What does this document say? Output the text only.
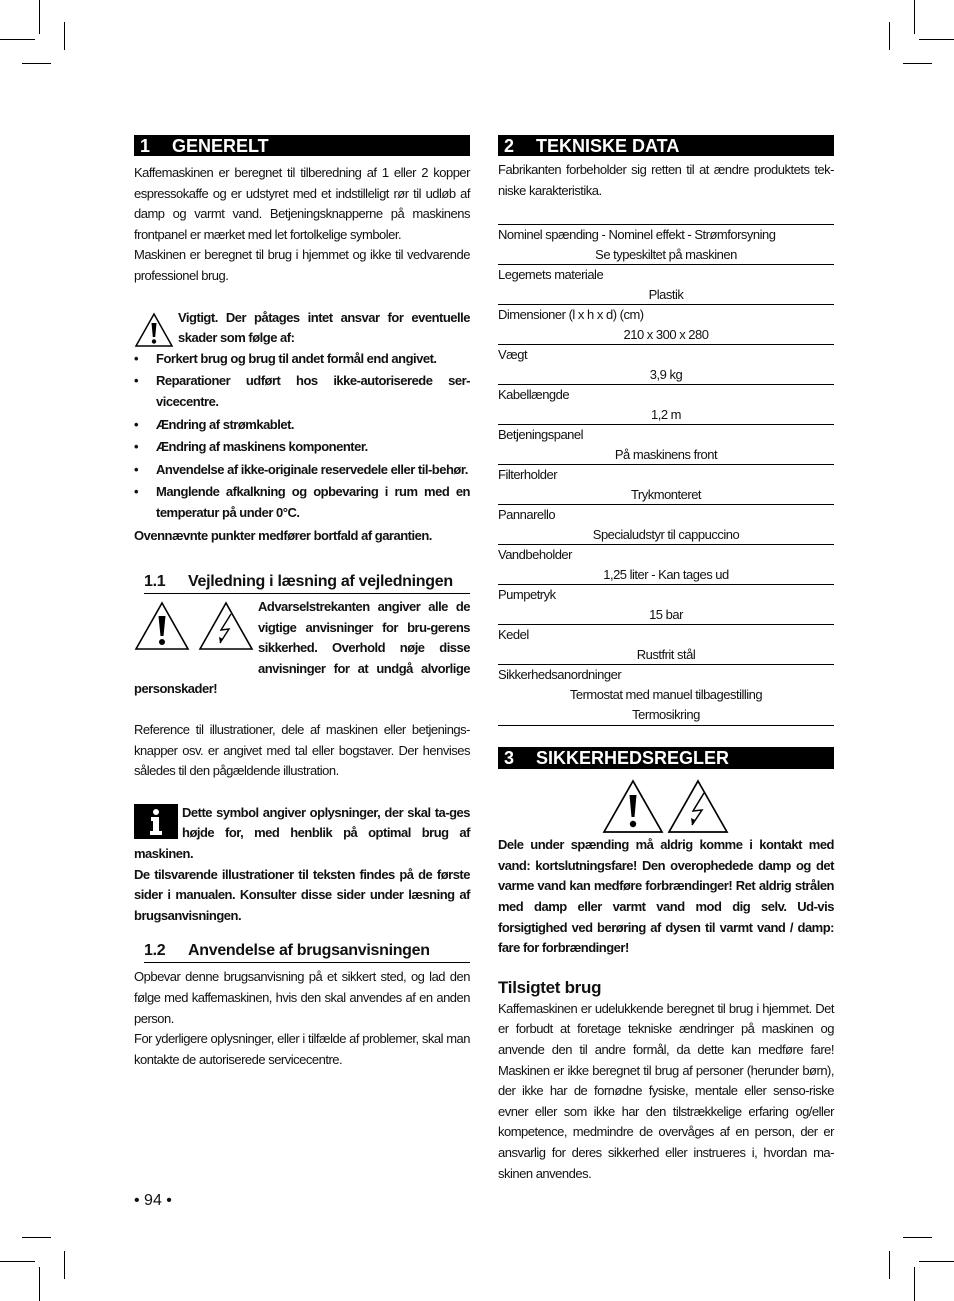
1 GENERELT

Kaffemaskinen er beregnet til tilberedning af 1 eller 2 kopper espressokaffe og er udstyret med et indstilleligt rør til udløb af damp og varmt vand. Betjeningsknapperne på maskinens frontpanel er mærket med let fortolkelige symboler.

Maskinen er beregnet til brug i hjemmet og ikke til vedvarende professionel brug.

Vigtigt. Der påtages intet ansvar for eventuelle skader som følge af:

• Forkert brug og brug til andet formål end angivet.
• Reparationer udført hos ikke-autoriserede ser-vicecentre.
• Ændring af strømkablet.
• Ændring af maskinens komponenter.
• Anvendelse af ikke-originale reservedele eller til-behør.
• Manglende afkalkning og opbevaring i rum med en temperatur på under 0°C.

Ovennævnte punkter medfører bortfald af garantien.

1.1 Vejledning i læsning af vejledningen

Advarselstrekanten angiver alle de vigtige anvisninger for bru-gerens sikkerhed. Overhold nøje disse anvisninger for at undgå alvorlige personskader!

Reference til illustrationer, dele af maskinen eller betjenings-knapper osv. er angivet med tal eller bogstaver. Der henvises således til den pågældende illustration.

Dette symbol angiver oplysninger, der skal ta-ges højde for, med henblik på optimal brug af maskinen.

De tilsvarende illustrationer til teksten findes på de første sider i manualen. Konsulter disse sider under læsning af brugsanvisningen.

1.2 Anvendelse af brugsanvisningen

Opbevar denne brugsanvisning på et sikkert sted, og lad den følge med kaffemaskinen, hvis den skal anvendes af en anden person.

For yderligere oplysninger, eller i tilfælde af problemer, skal man kontakte de autoriserede servicecentre.

2 TEKNISKE DATA

Fabrikanten forbeholder sig retten til at ændre produktets tek-niske karakteristika.

Nominel spænding - Nominel effekt - Strømforsyning
Se typeskiltet på maskinen
Legemets materiale
Plastik
Dimensioner (l x h x d) (cm)
210 x 300 x 280
Vægt
3,9 kg
Kabellængde
1,2 m
Betjeningspanel
På maskinens front
Filterholder
Trykmonteret
Pannarello
Specialudstyr til cappuccino
Vandbeholder
1,25 liter - Kan tages ud
Pumpetryk
15 bar
Kedel
Rustfrit stål
Sikkerhedsanordninger
Termostat med manuel tilbagestilling
Termosikring
3 SIKKERHEDSREGLER

Dele under spænding må aldrig komme i kontakt med vand: kortslutningsfare! Den overophedede damp og det varme vand kan medføre forbrændinger! Ret aldrig strålen med damp eller varmt vand mod dig selv. Ud-vis forsigtighed ved berøring af dysen til varmt vand / damp: fare for forbrændinger!

Tilsigtet brug

Kaffemaskinen er udelukkende beregnet til brug i hjemmet. Det er forbudt at foretage tekniske ændringer på maskinen og anvende den til andre formål, da dette kan medføre fare! Maskinen er ikke beregnet til brug af personer (herunder børn), der ikke har de fornødne fysiske, mentale eller senso-riske evner eller som ikke har den tilstrækkelige erfaring og/eller kompetence, medmindre de overvåges af en person, der er ansvarlig for deres sikkerhed eller instrueres i, hvordan ma-skinen anvendes.

• 94 •
